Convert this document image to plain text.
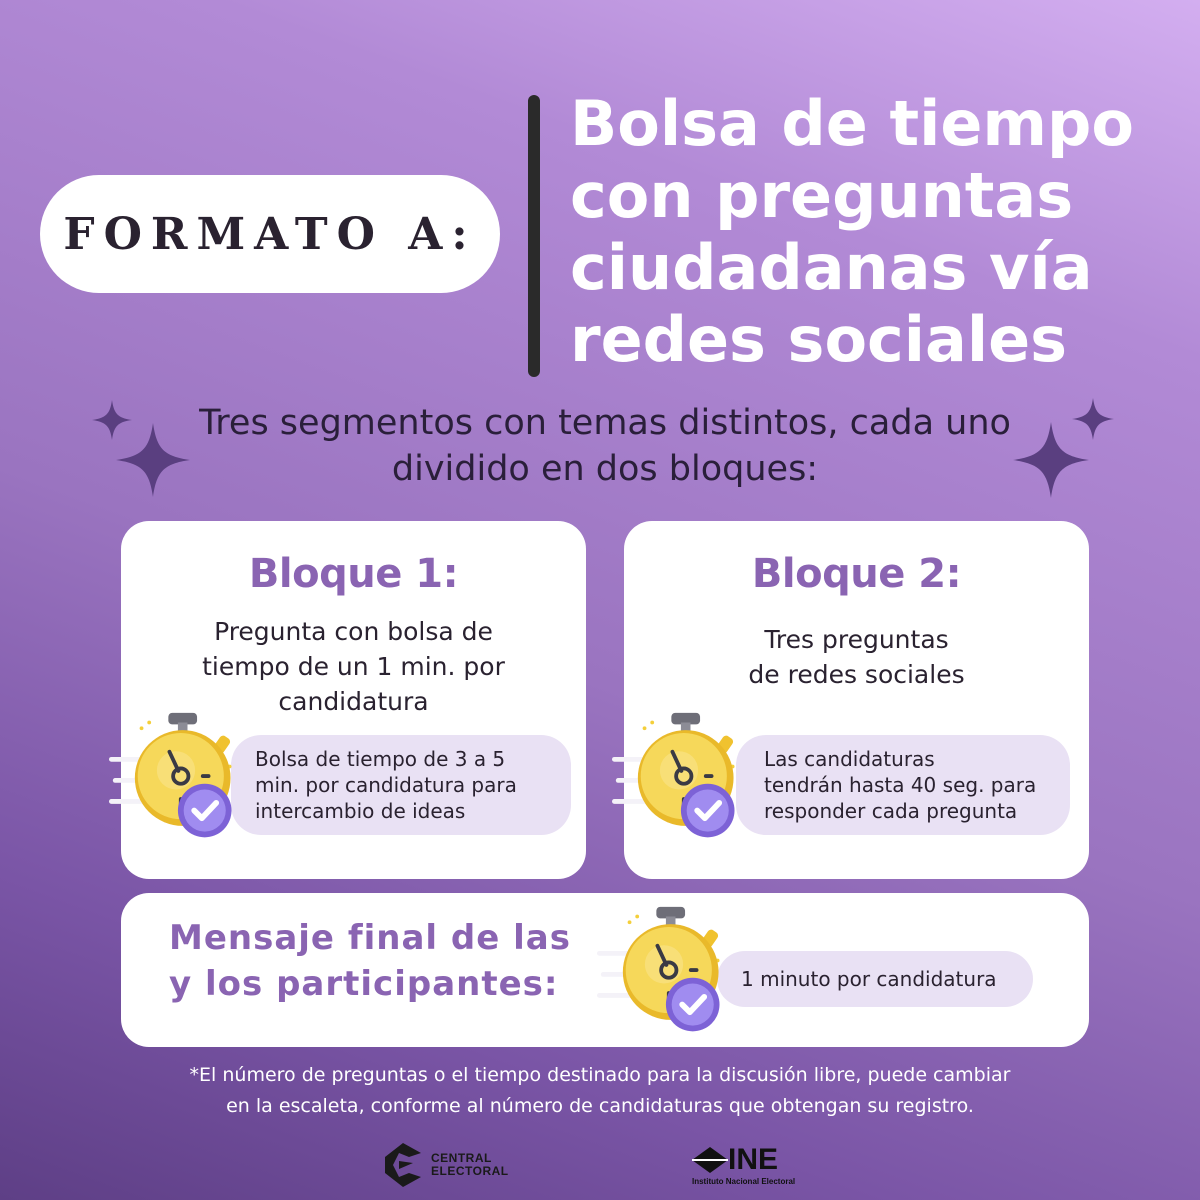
FORMATO A:
Bolsa de tiempo
con preguntas
ciudadanas vía
redes sociales

Tres segmentos con temas distintos, cada uno
dividido en dos bloques:

Bloque 1:
Pregunta con bolsa de
tiempo de un 1 min. por
candidatura
Bolsa de tiempo de 3 a 5
min. por candidatura para
intercambio de ideas
Bloque 2:
Tres preguntas
de redes sociales
Las candidaturas
tendrán hasta 40 seg. para
responder cada pregunta
Mensaje final de las
y los participantes:	1 minuto por candidatura
*El número de preguntas o el tiempo destinado para la discusión libre, puede cambiar
en la escaleta, conforme al número de candidaturas que obtengan su registro.
CENTRAL
ELECTORAL	INE
Instituto Nacional Electoral
